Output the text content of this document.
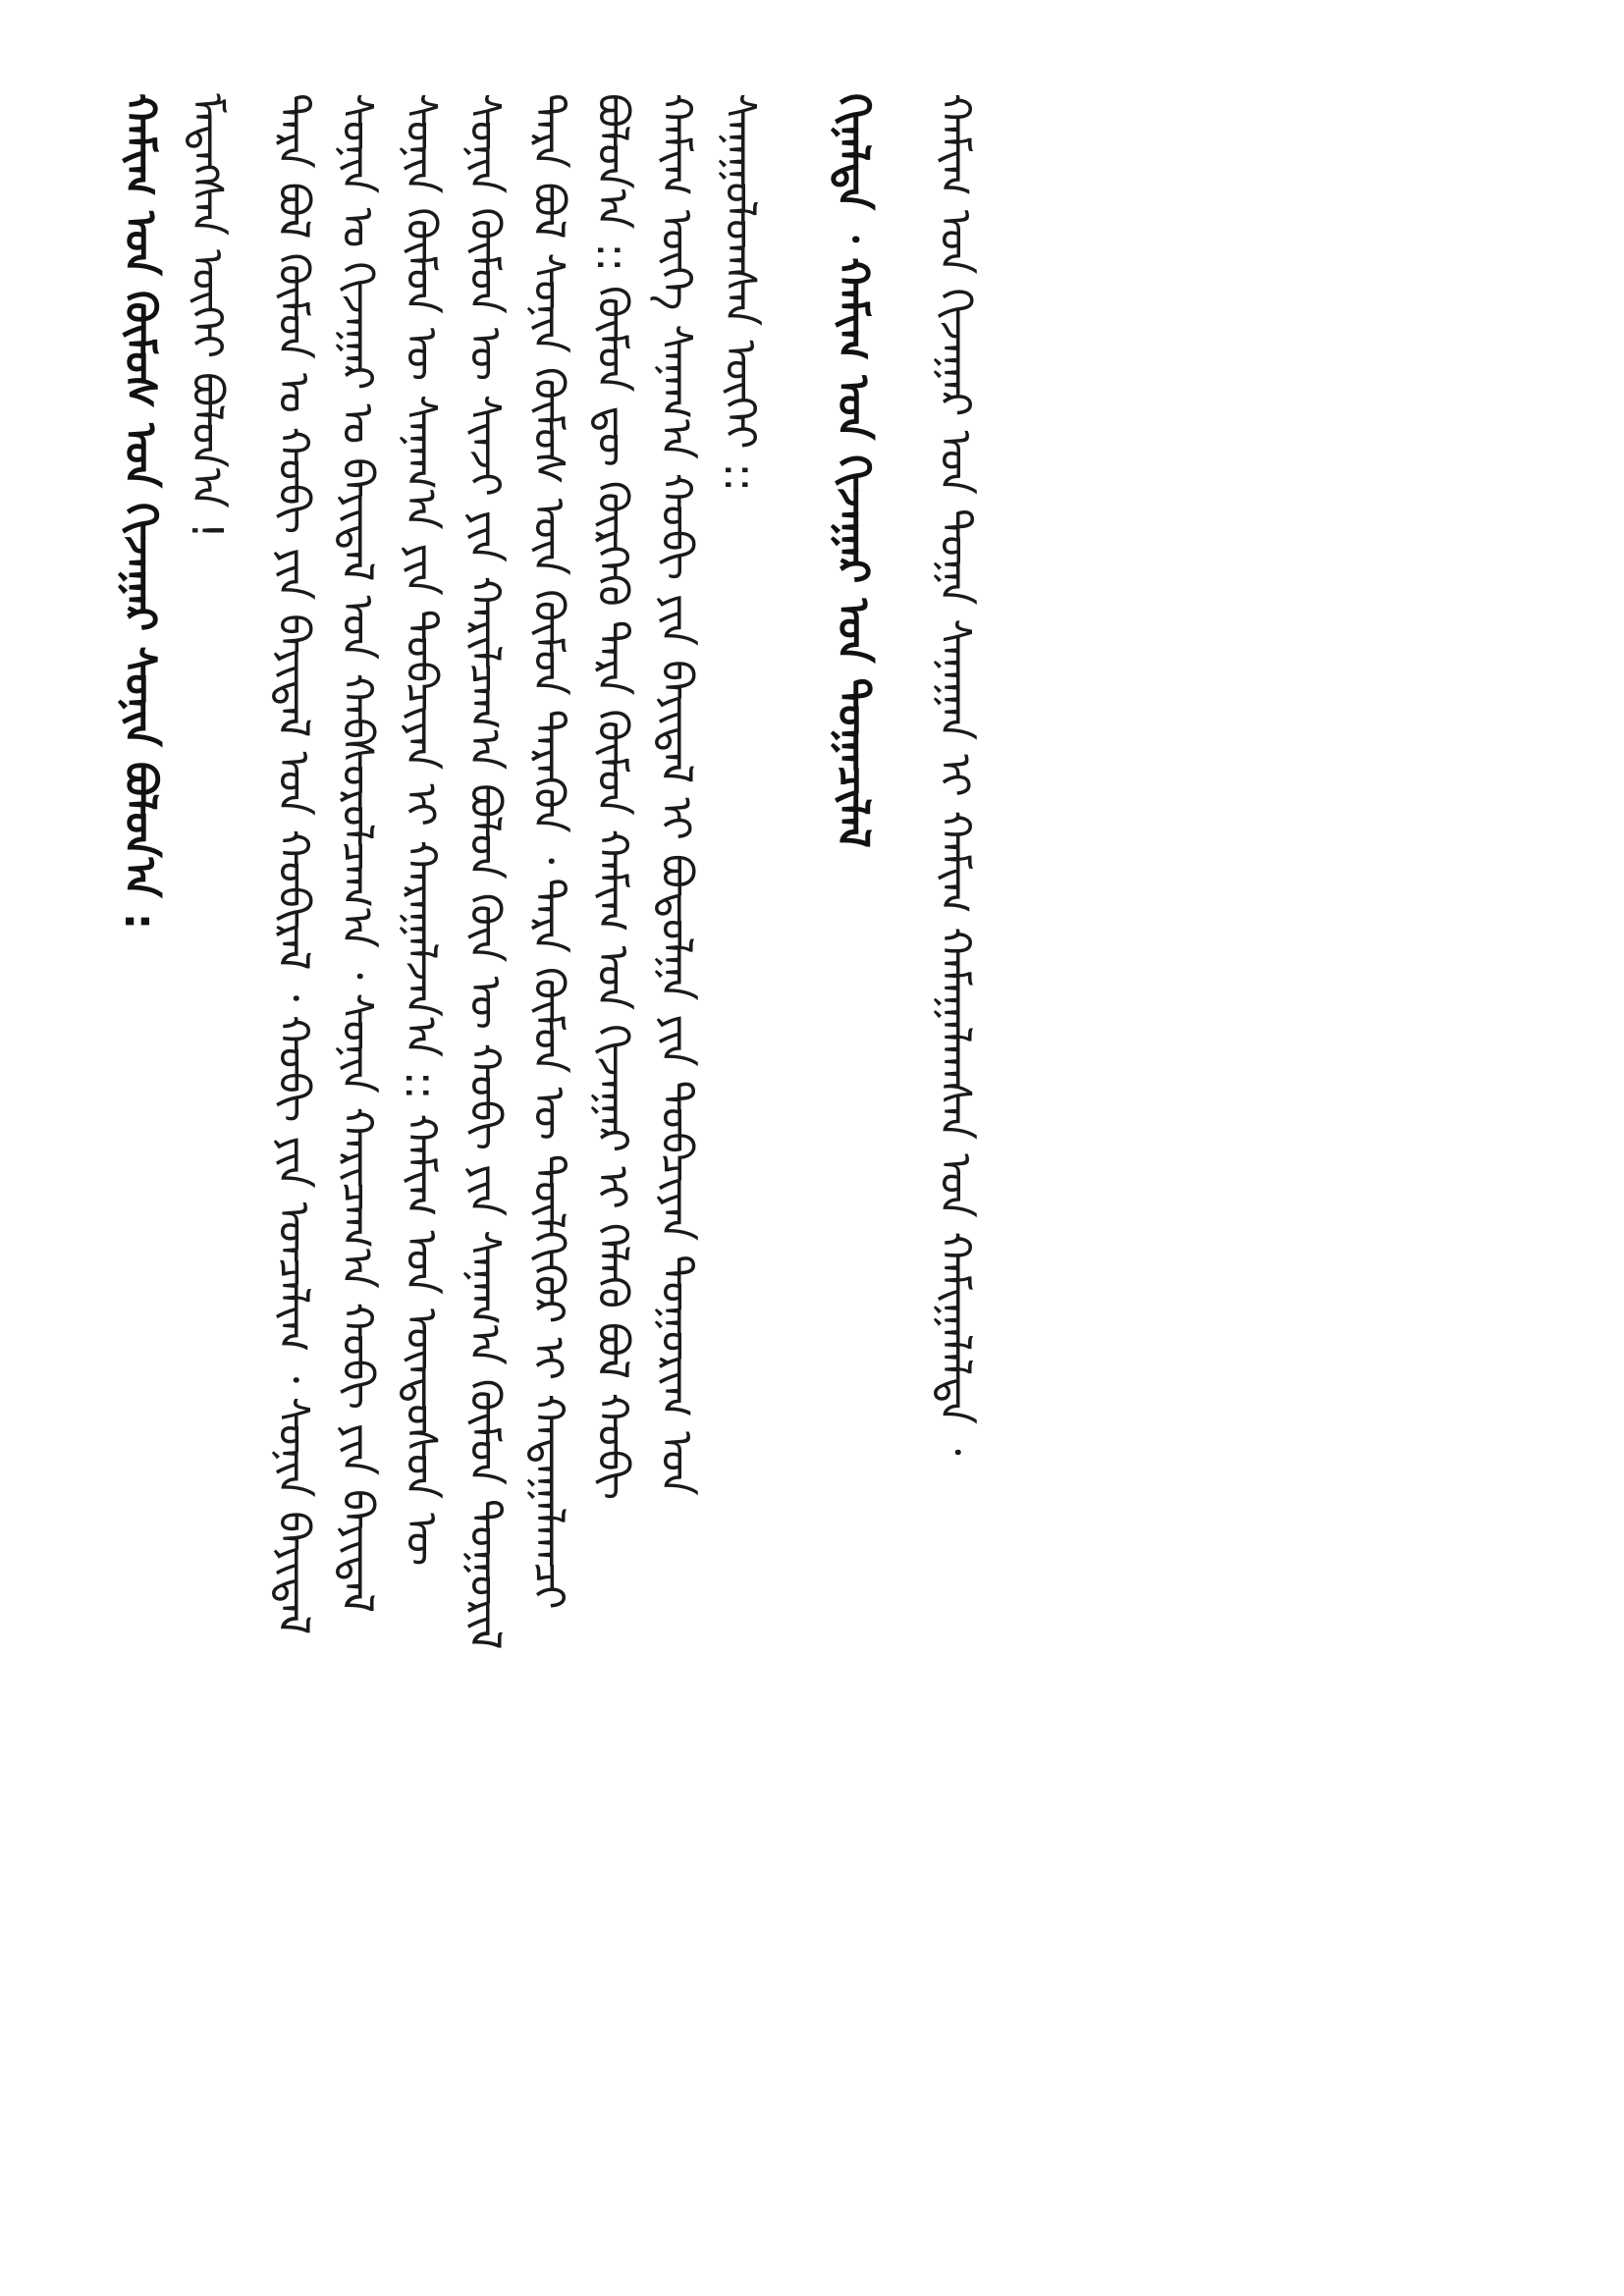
ᠬᠠᠮᠢᠭ ᠤᠨ ᠬᠦᠮᠦᠰ ᠤᠨ ᠬᠢᠵᠠᠭᠠᠷ ᠰᠣᠨᠢᠨ ᠪᠣᠯᠣᠨ᠎ᠠ : ᠮᠡᠳᠡᠭᠰᠡᠨ ᠦᠭᠡᠢ ᠪᠣᠯᠣᠨ᠎ᠠ ! ᠲᠡᠷᠡ ᠪᠣᠯ ᠬᠦᠮᠦᠨ ᠤ ᠬᠣᠪᠢ ᠶᠢᠨ ᠪᠠᠶᠢᠳᠠᠯ ᠤᠨ ᠬᠣᠪᠢᠷᠠᠯ ᠂ ᠬᠣᠪᠢ ᠶᠢᠨ ᠣᠨᠴᠠᠯᠢᠭ ᠂ ᠰᠣᠨᠢᠨ ᠪᠠᠶᠢᠳᠠᠯ ᠰᠣᠨᠢᠨ ᠤ ᠬᠢᠵᠠᠭᠠᠷ ᠤ ᠪᠠᠶᠢᠳᠠᠯ ᠤᠨ ᠬᠠᠪᠰᠤᠷᠤᠯᠴᠠᠭ᠎ᠠ ᠂ ᠰᠣᠨᠢᠨ ᠬᠠᠷᠢᠴᠠᠭ᠎ᠠ ᠬᠣᠪᠢ ᠶᠢᠨ ᠪᠠᠶᠢᠳᠠᠯ ᠰᠣᠨᠢᠨ ᠬᠦᠮᠦᠨ ᠦ ᠰᠠᠨᠠᠭ᠎ᠠ ᠶᠢᠨ ᠲᠣᠪᠴᠢᠶᠠᠨ ᠢ ᠬᠠᠷᠠᠭᠠᠯᠵᠠᠨ᠎ᠠ :: ᠬᠠᠮᠢᠭ ᠤᠨ ᠦᠨᠳᠦᠰᠦᠨ ᠦ ᠰᠣᠨᠢᠨ ᠬᠦᠮᠦᠨ ᠦ ᠰᠢᠨᠵᠢ ᠶᠢᠨ ᠬᠠᠷᠢᠯᠴᠠᠭ᠎ᠠ ᠪᠣᠯᠣᠨ ᠬᠦᠨ ᠦ ᠬᠣᠪᠢ ᠶᠢᠨ ᠰᠠᠨᠠᠭ᠎ᠠ ᠬᠦᠮᠦᠨ ᠲᠣᠭᠣᠷᠢᠯ ᠲᠡᠷᠡ ᠪᠣᠯ ᠰᠣᠨᠢᠨ ᠬᠦᠮᠦᠰ ᠦᠨ ᠬᠦᠮᠦᠨ ᠲᠡᠷᠡᠭᠦᠨ ᠂ ᠲᠡᠷᠡ ᠬᠦᠮᠦᠨ ᠦ ᠲᠦᠯᠬᠢᠭᠦᠷ ᠢ ᠬᠠᠳᠠᠭᠠᠯᠠᠭᠴᠢ ᠪᠣᠯᠣᠨ᠎ᠠ :: ᠬᠦᠮᠦᠨ ᠳᠦ ᠬᠦᠷᠭᠡᠬᠦ ᠲᠡᠷᠡ ᠬᠦᠮᠦᠨ ᠬᠠᠮᠢᠭ ᠤᠨ ᠬᠢᠵᠠᠭᠠᠷ ᠢ ᠬᠡᠯᠡᠬᠦ ᠪᠣᠯ ᠬᠣᠪᠢ ᠬᠠᠮᠢᠭ ᠦᠭᠡ ᠰᠠᠨᠠᠭ᠎ᠠ ᠬᠣᠪᠢ ᠶᠢᠨ ᠪᠠᠶᠢᠳᠠᠯ ᠢ ᠪᠣᠳᠣᠯᠭᠠ ᠶᠢᠨ ᠲᠣᠪᠴᠢᠶᠠᠨ ᠲᠣᠭᠣᠷᠢᠭ ᠤᠨ ᠰᠠᠨᠠᠭᠤᠯᠤᠭᠰᠠᠨ ᠦᠭᠡᠢ :: ᠬᠢᠨᠠᠯᠲᠠ ᠂ ᠬᠠᠮᠢᠭ ᠤᠨ ᠬᠢᠵᠠᠭᠠᠷ ᠤᠨ ᠲᠣᠭᠠᠴᠢᠯᠠᠯ ᠬᠠᠮᠢᠭ ᠤᠨ ᠬᠢᠵᠠᠭᠠᠷ ᠤᠨ ᠲᠣᠭᠠ ᠰᠠᠨᠠᠭᠠᠨ ᠢ ᠬᠠᠮᠢᠭ ᠬᠠᠮᠠᠭᠠᠯᠠᠭᠰᠠᠨ ᠤᠨ ᠬᠠᠮᠢᠭᠠᠯᠠᠯᠲᠠ ᠂
